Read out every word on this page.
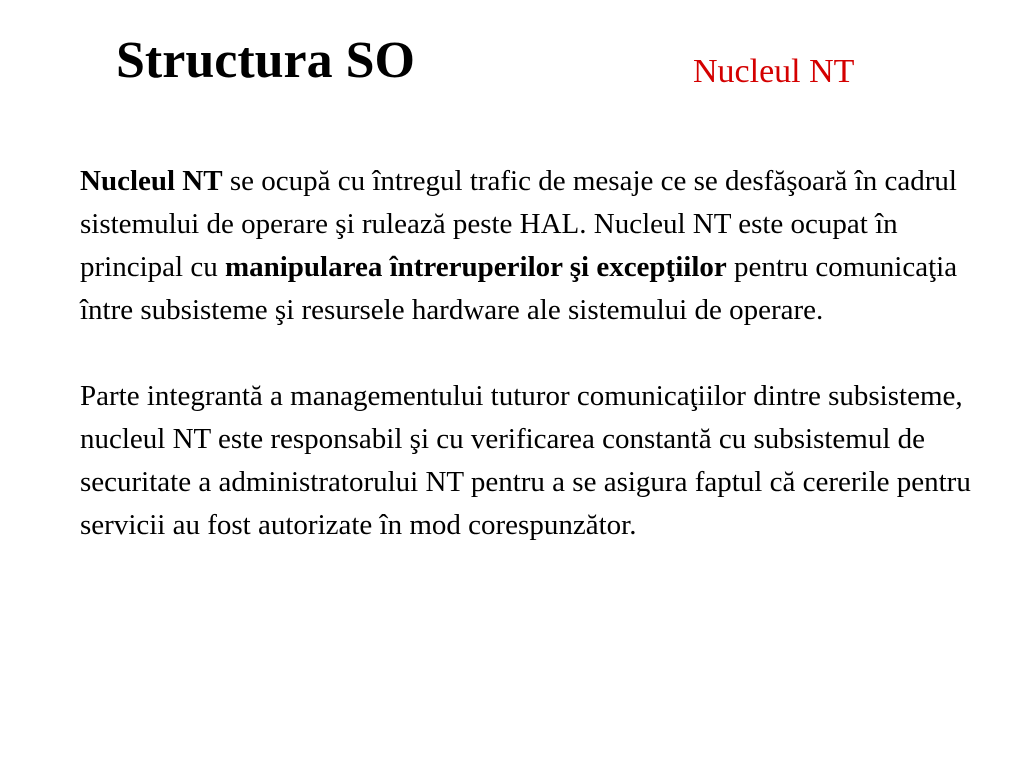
Structura SO	Nucleul NT

Nucleul NT se ocupă cu întregul trafic de mesaje ce se desfăşoară în cadrul sistemului de operare şi rulează peste HAL. Nucleul NT este ocupat în principal cu manipularea întreruperilor şi excepţiilor pentru comunicaţia între subsisteme şi resursele hardware ale sistemului de operare.

Parte integrantă a managementului tuturor comunicaţiilor dintre subsisteme, nucleul NT este responsabil şi cu verificarea constantă cu subsistemul de securitate a administratorului NT pentru a se asigura faptul că cererile pentru servicii au fost autorizate în mod corespunzător.
